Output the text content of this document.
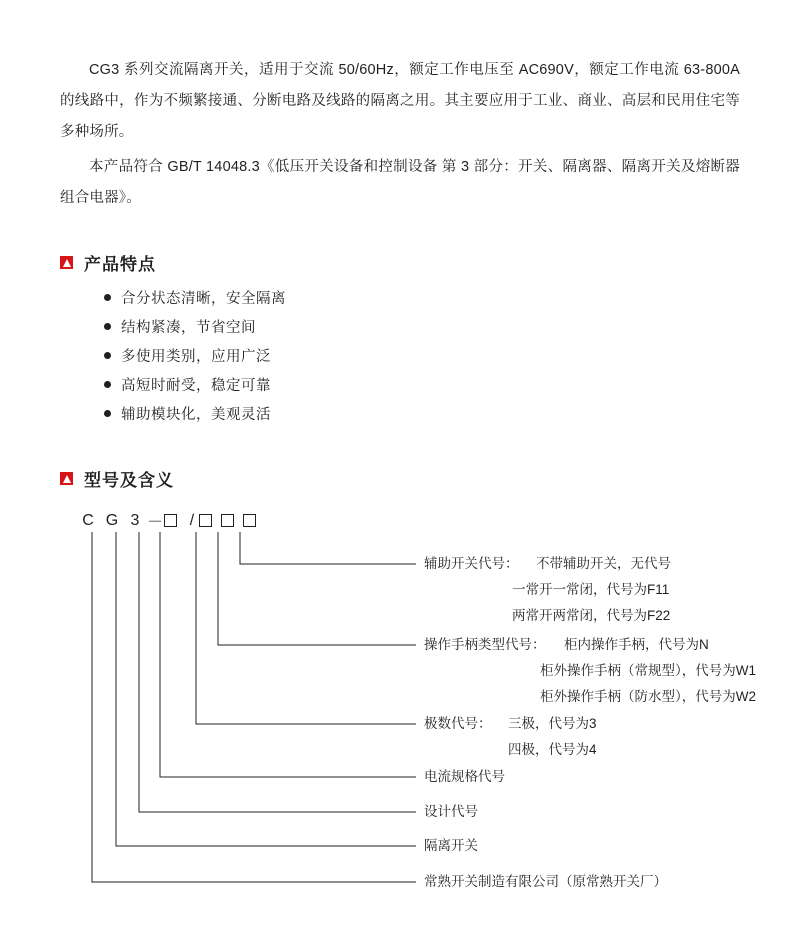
CG3 系列交流隔离开关，适用于交流 50/60Hz，额定工作电压至 AC690V，额定工作电流 63-800A 的线路中，作为不频繁接通、分断电路及线路的隔离之用。其主要应用于工业、商业、高层和民用住宅等多种场所。

本产品符合 GB/T 14048.3《低压开关设备和控制设备 第 3 部分：开关、隔离器、隔离开关及熔断器组合电器》。

产品特点
合分状态清晰，安全隔离
结构紧凑，节省空间
多使用类别，应用广泛
高短时耐受，稳定可靠
辅助模块化，美观灵活
型号及含义
C G 3 － /
辅助开关代号： 不带辅助开关，无代号
一常开一常闭，代号为F11
两常开两常闭，代号为F22
操作手柄类型代号： 柜内操作手柄，代号为N
柜外操作手柄（常规型），代号为W1
柜外操作手柄（防水型），代号为W2
极数代号： 三极，代号为3
四极，代号为4
电流规格代号
设计代号
隔离开关
常熟开关制造有限公司（原常熟开关厂）
